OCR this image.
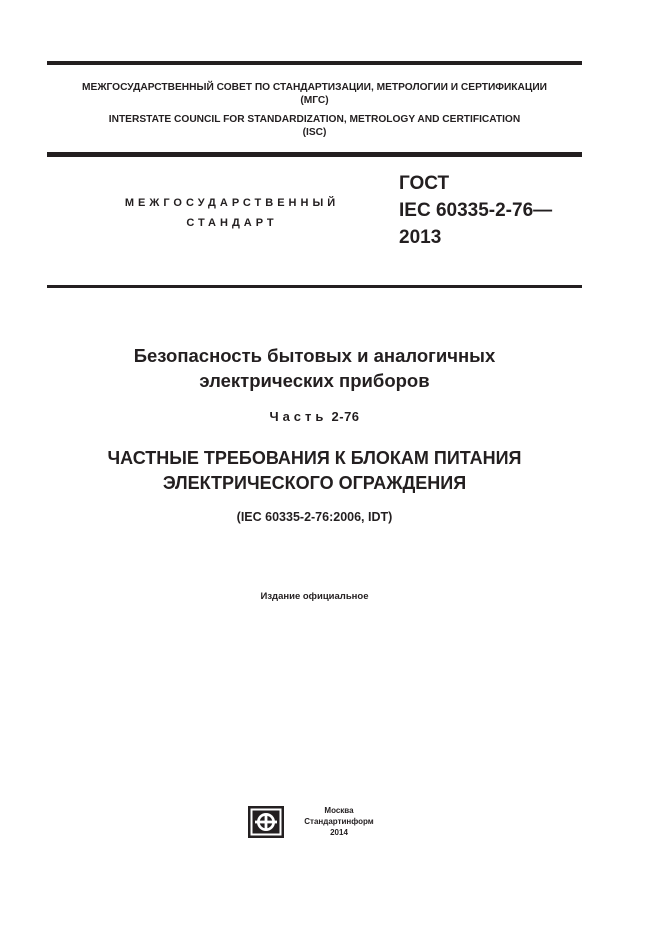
МЕЖГОСУДАРСТВЕННЫЙ СОВЕТ ПО СТАНДАРТИЗАЦИИ, МЕТРОЛОГИИ И СЕРТИФИКАЦИИ
(МГС)
INTERSTATE COUNCIL FOR STANDARDIZATION, METROLOGY AND CERTIFICATION
(ISC)
МЕЖГОСУДАРСТВЕННЫЙ
СТАНДАРТ
ГОСТ
IEC 60335-2-76—
2013
Безопасность бытовых и аналогичных
электрических приборов
Часть 2-76
ЧАСТНЫЕ ТРЕБОВАНИЯ К БЛОКАМ ПИТАНИЯ
ЭЛЕКТРИЧЕСКОГО ОГРАЖДЕНИЯ
(IEC 60335-2-76:2006, IDT)
Издание официальное
Москва
Стандартинформ
2014
